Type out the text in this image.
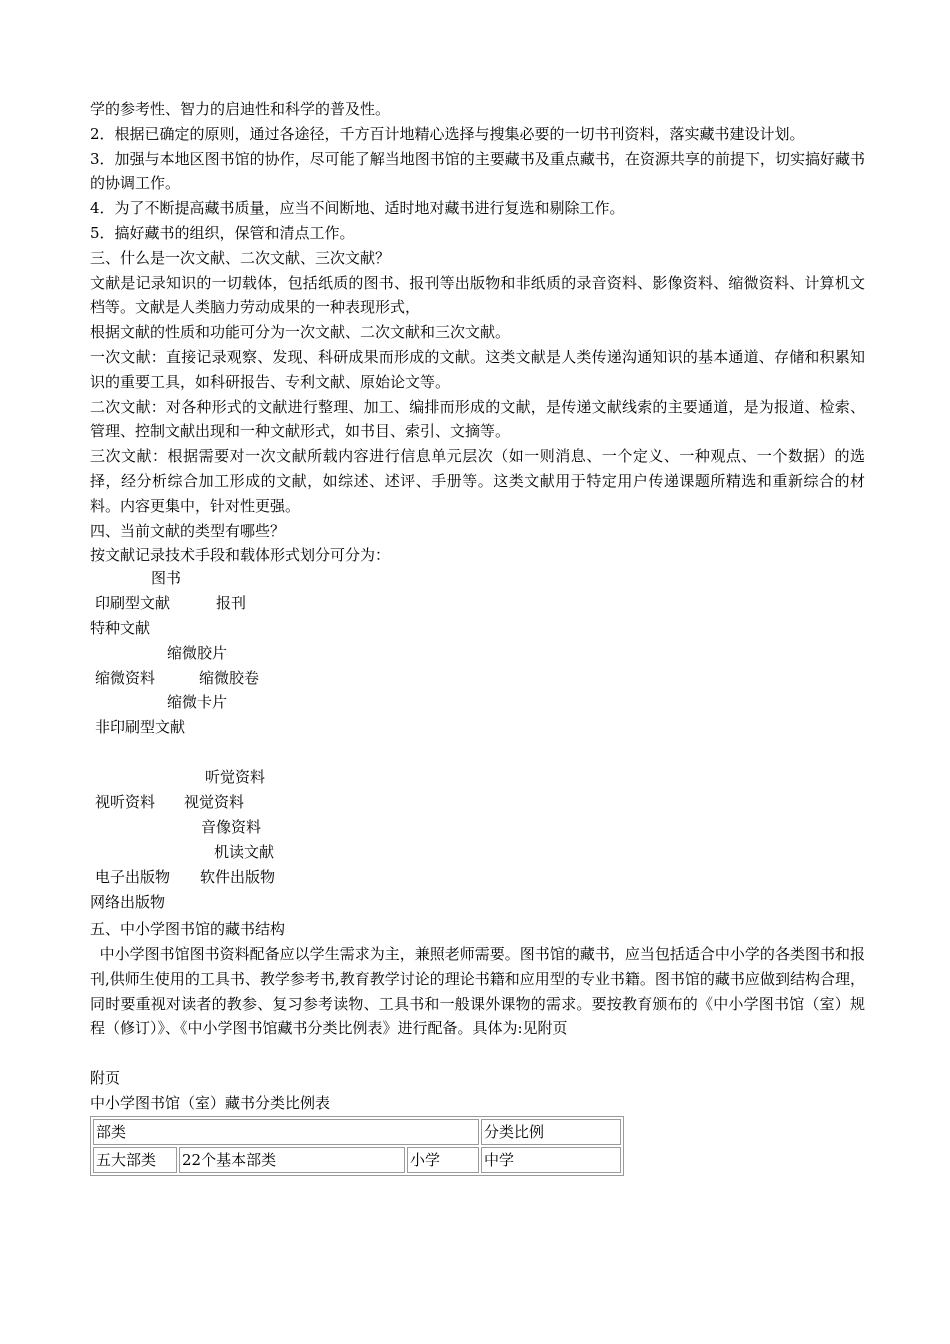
学的参考性、智力的启迪性和科学的普及性。

2．根据已确定的原则，通过各途径，千方百计地精心选择与搜集必要的一切书刊资料，落实藏书建设计划。

3．加强与本地区图书馆的协作，尽可能了解当地图书馆的主要藏书及重点藏书，在资源共享的前提下，切实搞好藏书的协调工作。

4．为了不断提高藏书质量，应当不间断地、适时地对藏书进行复选和剔除工作。

5．搞好藏书的组织，保管和清点工作。

三、什么是一次文献、二次文献、三次文献？

文献是记录知识的一切载体，包括纸质的图书、报刊等出版物和非纸质的录音资料、影像资料、缩微资料、计算机文档等。文献是人类脑力劳动成果的一种表现形式，

根据文献的性质和功能可分为一次文献、二次文献和三次文献。

一次文献：直接记录观察、发现、科研成果而形成的文献。这类文献是人类传递沟通知识的基本通道、存储和积累知识的重要工具，如科研报告、专利文献、原始论文等。

二次文献：对各种形式的文献进行整理、加工、编排而形成的文献，是传递文献线索的主要通道，是为报道、检索、管理、控制文献出现和一种文献形式，如书目、索引、文摘等。

三次文献：根据需要对一次文献所载内容进行信息单元层次（如一则消息、一个定义、一种观点、一个数据）的选择，经分析综合加工形成的文献，如综述、述评、手册等。这类文献用于特定用户传递课题所精选和重新综合的材料。内容更集中，针对性更强。

四、当前文献的类型有哪些？

按文献记录技术手段和载体形式划分可分为：

图书
印刷型文献	报刊
特种文献
缩微胶片
缩微资料	缩微胶卷
缩微卡片
非印刷型文献
听觉资料
视听资料 视觉资料
音像资料
机读文献
电子出版物 软件出版物
网络出版物

五、中小学图书馆的藏书结构

中小学图书馆图书资料配备应以学生需求为主，兼照老师需要。图书馆的藏书，应当包括适合中小学的各类图书和报刊,供师生使用的工具书、教学参考书,教育教学讨论的理论书籍和应用型的专业书籍。图书馆的藏书应做到结构合理，同时要重视对读者的教参、复习参考读物、工具书和一般课外课物的需求。要按教育颁布的《中小学图书馆（室）规程（修订）》、《中小学图书馆藏书分类比例表》进行配备。具体为:见附页

附页

中小学图书馆（室）藏书分类比例表

部类			分类比例
五大部类	22个基本部类	小学	中学
